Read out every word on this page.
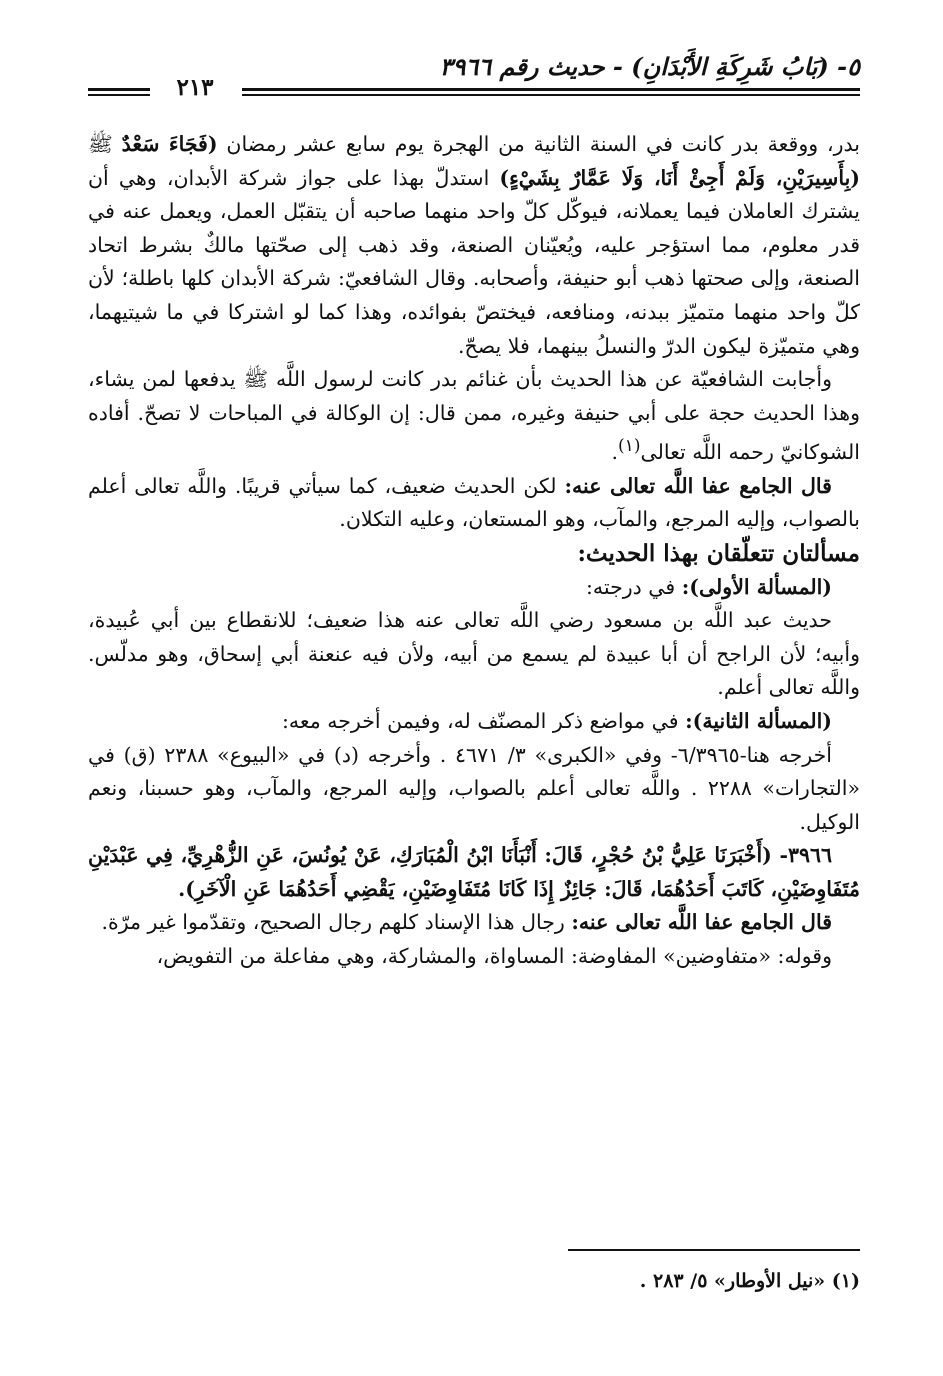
٥- (بَابُ شَرِكَةِ الأَبْدَانِ) - حديث رقم ٣٩٦٦
٢١٣

بدر، ووقعة بدر كانت في السنة الثانية من الهجرة يوم سابع عشر رمضان (فَجَاءَ سَعْدٌ ﷺ (بِأَسِيرَيْنِ، وَلَمْ أَجِئْ أَنَا، وَلَا عَمَّارٌ بِشَيْءٍ) استدلّ بهذا على جواز شركة الأبدان، وهي أن يشترك العاملان فيما يعملانه، فيوكّل كلّ واحد منهما صاحبه أن يتقبّل العمل، ويعمل عنه في قدر معلوم، مما استؤجر عليه، ويُعيّنان الصنعة، وقد ذهب إلى صحّتها مالكٌ بشرط اتحاد الصنعة، وإلى صحتها ذهب أبو حنيفة، وأصحابه. وقال الشافعيّ: شركة الأبدان كلها باطلة؛ لأن كلّ واحد منهما متميّز ببدنه، ومنافعه، فيختصّ بفوائده، وهذا كما لو اشتركا في ما شيتيهما، وهي متميّزة ليكون الدرّ والنسلُ بينهما، فلا يصحّ.

وأجابت الشافعيّة عن هذا الحديث بأن غنائم بدر كانت لرسول اللَّه ﷺ يدفعها لمن يشاء، وهذا الحديث حجة على أبي حنيفة وغيره، ممن قال: إن الوكالة في المباحات لا تصحّ. أفاده الشوكانيّ رحمه اللَّه تعالى$^{(١)}$.

قال الجامع عفا اللَّه تعالى عنه: لكن الحديث ضعيف، كما سيأتي قريبًا. واللَّه تعالى أعلم بالصواب، وإليه المرجع، والمآب، وهو المستعان، وعليه التكلان.

مسألتان تتعلّقان بهذا الحديث:

(المسألة الأولى): في درجته:

حديث عبد اللَّه بن مسعود رضي اللَّه تعالى عنه هذا ضعيف؛ للانقطاع بين أبي عُبيدة، وأبيه؛ لأن الراجح أن أبا عبيدة لم يسمع من أبيه، ولأن فيه عنعنة أبي إسحاق، وهو مدلّس. واللَّه تعالى أعلم.

(المسألة الثانية): في مواضع ذكر المصنّف له، وفيمن أخرجه معه:

أخرجه هنا-٦/٣٩٦٥- وفي «الكبرى» ٣/ ٤٦٧١ . وأخرجه (د) في «البيوع» ٢٣٨٨ (ق) في «التجارات» ٢٢٨٨ . واللَّه تعالى أعلم بالصواب، وإليه المرجع، والمآب، وهو حسبنا، ونعم الوكيل.

٣٩٦٦- (أَخْبَرَنَا عَلِيُّ بْنُ حُجْرٍ، قَالَ: أَنْبَأَنَا ابْنُ الْمُبَارَكِ، عَنْ يُونُسَ، عَنِ الزُّهْرِيِّ، فِي عَبْدَيْنِ مُتَفَاوِضَيْنِ، كَاتَبَ أَحَدُهُمَا، قَالَ: جَائِزٌ إِذَا كَانَا مُتَفَاوِضَيْنِ، يَقْضِي أَحَدُهُمَا عَنِ الْآخَرِ).

قال الجامع عفا اللَّه تعالى عنه: رجال هذا الإسناد كلهم رجال الصحيح، وتقدّموا غير مرّة.

وقوله: «متفاوضين» المفاوضة: المساواة، والمشاركة، وهي مفاعلة من التفويض،

(١) «نيل الأوطار» ٥/ ٢٨٣ .
